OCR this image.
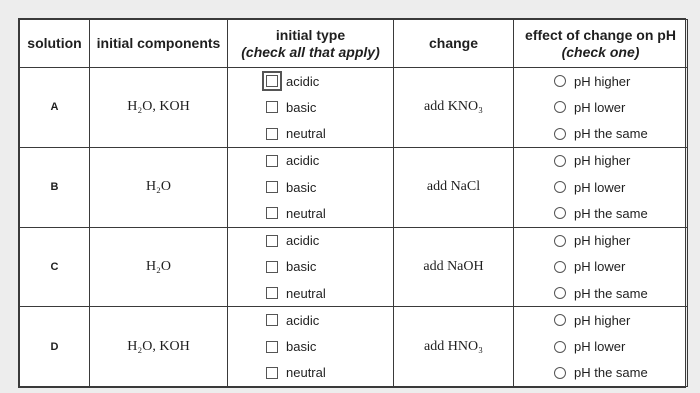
solution	initial components	initial type
(check all that apply)	change	effect of change on pH
(check one)

A	H₂O, KOH	acidic
basic
neutral	add KNO₃	pH higher
pH lower
pH the same

B	H₂O	acidic
basic
neutral	add NaCl	pH higher
pH lower
pH the same

C	H₂O	acidic
basic
neutral	add NaOH	pH higher
pH lower
pH the same

D	H₂O, KOH	acidic
basic
neutral	add HNO₃	pH higher
pH lower
pH the same
